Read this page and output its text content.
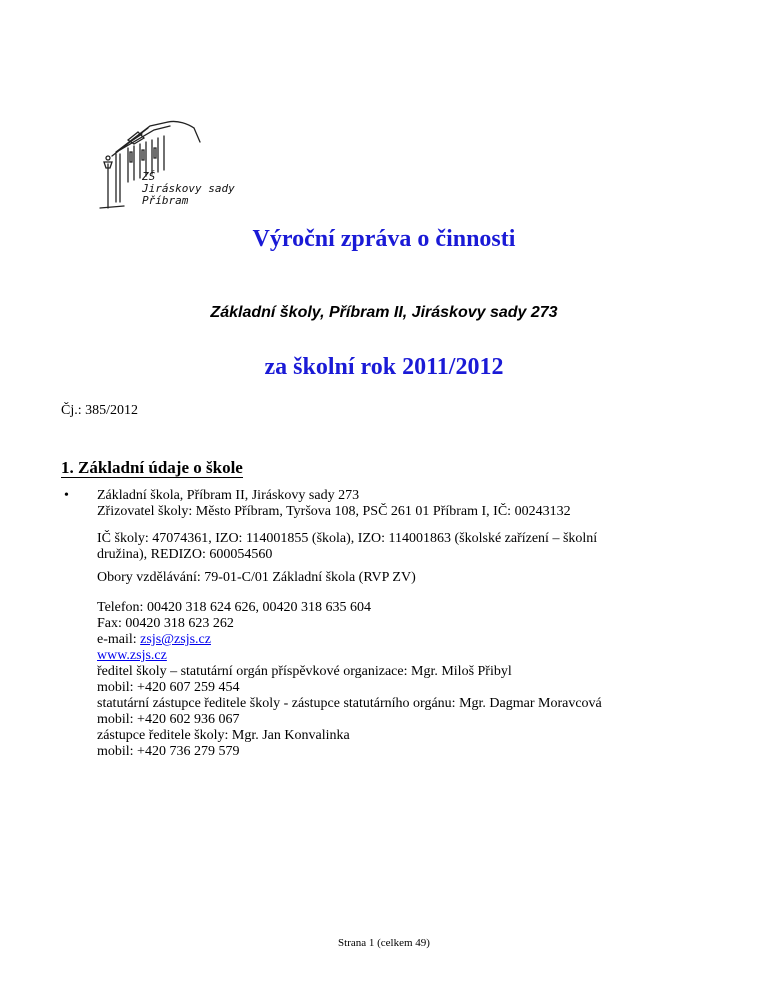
ZŠ
Jiráskovy sady
Příbram
Výroční zpráva o činnosti
Základní školy, Příbram II, Jiráskovy sady 273
za školní rok 2011/2012
Čj.: 385/2012
1. Základní údaje o škole
• Základní škola, Příbram II, Jiráskovy sady 273
Zřizovatel školy: Město Příbram, Tyršova 108, PSČ 261 01 Příbram I, IČ: 00243132
IČ školy: 47074361, IZO: 114001855 (škola), IZO: 114001863 (školské zařízení – školní
družina), REDIZO: 600054560
Obory vzdělávání: 79-01-C/01 Základní škola (RVP ZV)
Telefon: 00420 318 624 626, 00420 318 635 604
Fax: 00420 318 623 262
e-mail: zsjs@zsjs.cz
www.zsjs.cz
ředitel školy – statutární orgán příspěvkové organizace: Mgr. Miloš Přibyl
mobil: +420 607 259 454
statutární zástupce ředitele školy - zástupce statutárního orgánu: Mgr. Dagmar Moravcová
mobil: +420 602 936 067
zástupce ředitele školy: Mgr. Jan Konvalinka
mobil: +420 736 279 579
Strana 1 (celkem 49)
